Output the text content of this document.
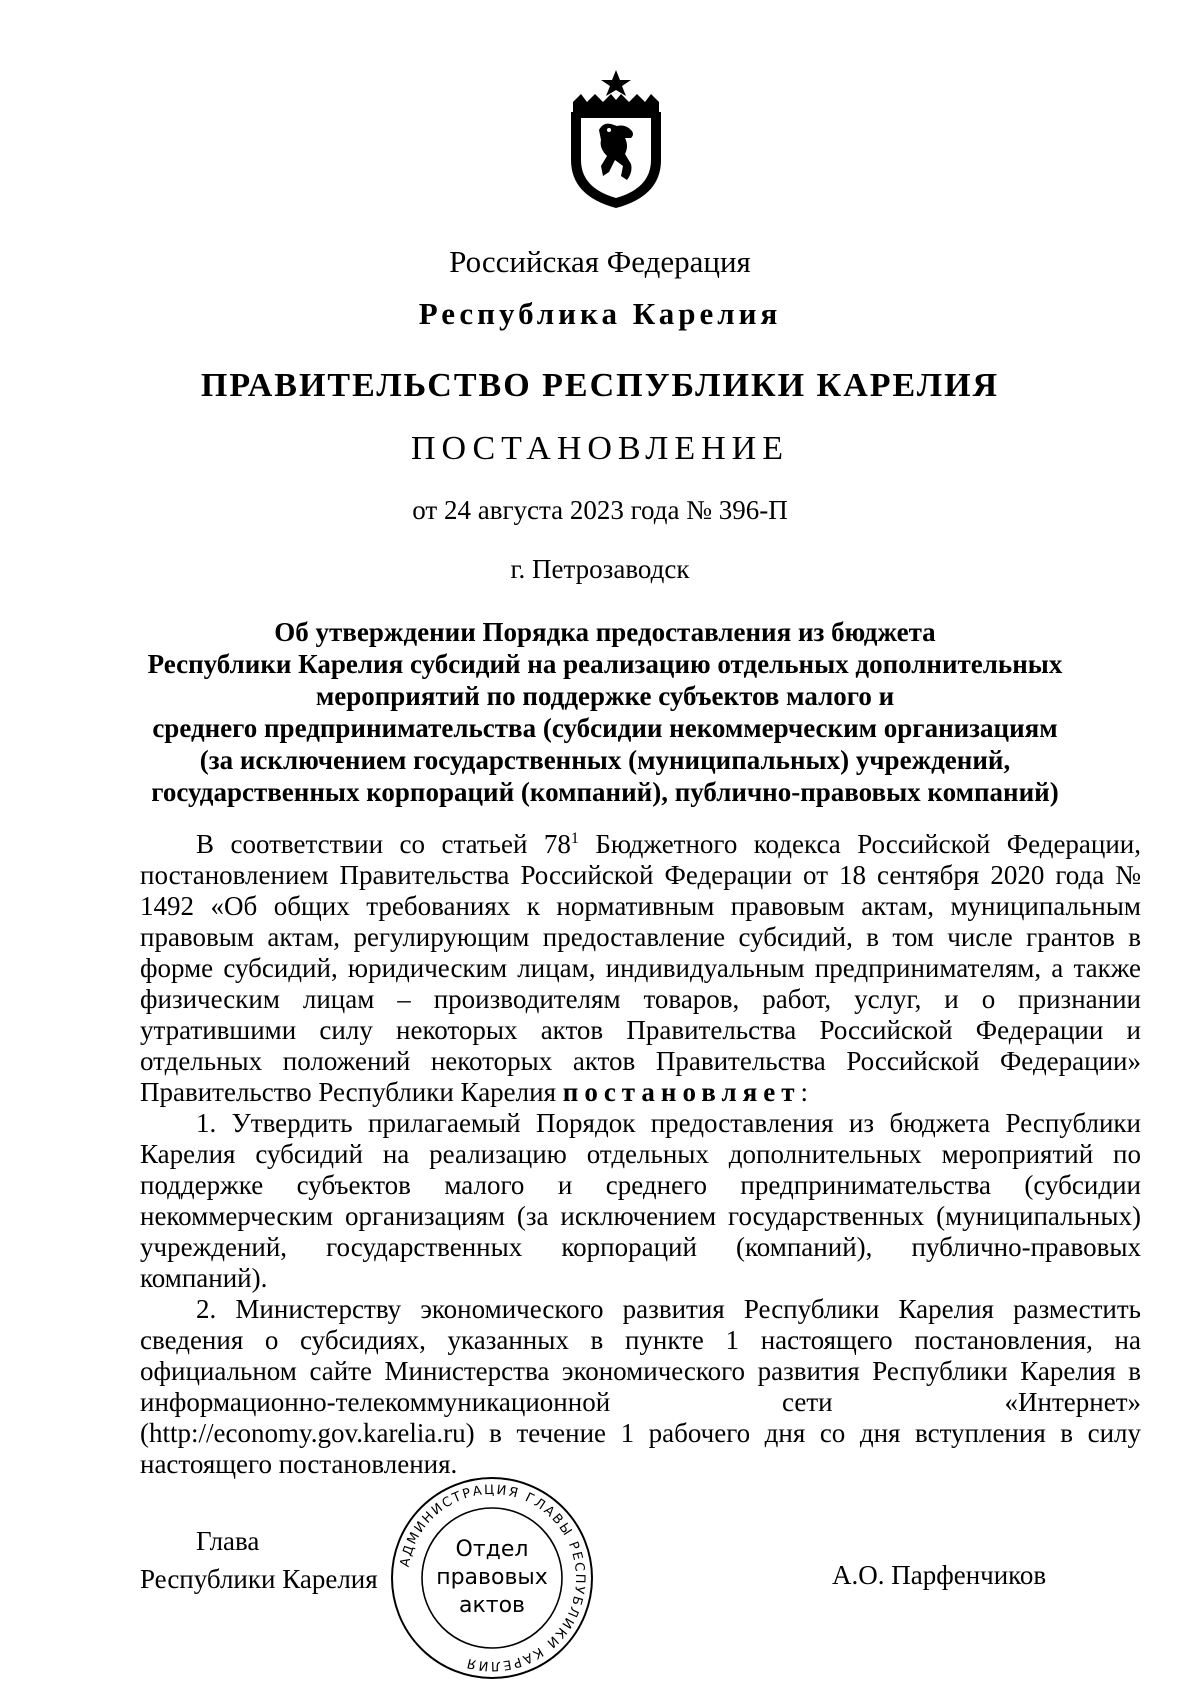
Российская Федерация
Республика Карелия
ПРАВИТЕЛЬСТВО РЕСПУБЛИКИ КАРЕЛИЯ
ПОСТАНОВЛЕНИЕ
от 24 августа 2023 года № 396-П
г. Петрозаводск
Об утверждении Порядка предоставления из бюджета
Республики Карелия субсидий на реализацию отдельных дополнительных
мероприятий по поддержке субъектов малого и
среднего предпринимательства (субсидии некоммерческим организациям
(за исключением государственных (муниципальных) учреждений,
государственных корпораций (компаний), публично-правовых компаний)

В соответствии со статьей $78^1$ Бюджетного кодекса Российской Федерации, постановлением Правительства Российской Федерации от 18 сентября 2020 года № 1492 «Об общих требованиях к нормативным правовым актам, муниципальным правовым актам, регулирующим предоставление субсидий, в том числе грантов в форме субсидий, юридическим лицам, индивидуальным предпринимателям, а также физическим лицам – производителям товаров, работ, услуг, и о признании утратившими силу некоторых актов Правительства Российской Федерации и отдельных положений некоторых актов Правительства Российской Федерации» Правительство Республики Карелия постановляет:

1. Утвердить прилагаемый Порядок предоставления из бюджета Республики Карелия субсидий на реализацию отдельных дополнительных мероприятий по поддержке субъектов малого и среднего предпринимательства (субсидии некоммерческим организациям (за исключением государственных (муниципальных) учреждений, государственных корпораций (компаний), публично-правовых компаний).

2. Министерству экономического развития Республики Карелия разместить сведения о субсидиях, указанных в пункте 1 настоящего постановления, на официальном сайте Министерства экономического развития Республики Карелия в информационно-телекоммуникационной сети «Интернет» (http://economy.gov.karelia.ru) в течение 1 рабочего дня со дня вступления в силу настоящего постановления.

Глава
Республики Карелия	А.О. Парфенчиков
АДМИНИСТРАЦИЯ ГЛАВЫ РЕСПУБЛИКИ КАРЕЛИЯ
Отдел
правовых
актов
